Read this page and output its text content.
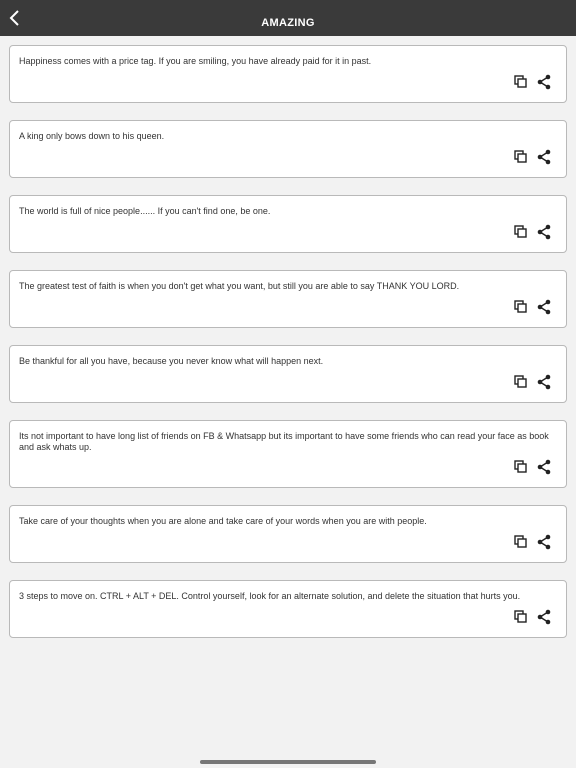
AMAZING
Happiness comes with a price tag. If you are smiling, you have already paid for it in past.
A king only bows down to his queen.
The world is full of nice people...... If you can't find one, be one.
The greatest test of faith is when you don't get what you want, but still you are able to say THANK YOU LORD.
Be thankful for all you have, because you never know what will happen next.
Its not important to have long list of friends on FB & Whatsapp but its important to have some friends who can read your face as book and ask whats up.
Take care of your thoughts when you are alone and take care of your words when you are with people.
3 steps to move on. CTRL + ALT + DEL. Control yourself, look for an alternate solution, and delete the situation that hurts you.
